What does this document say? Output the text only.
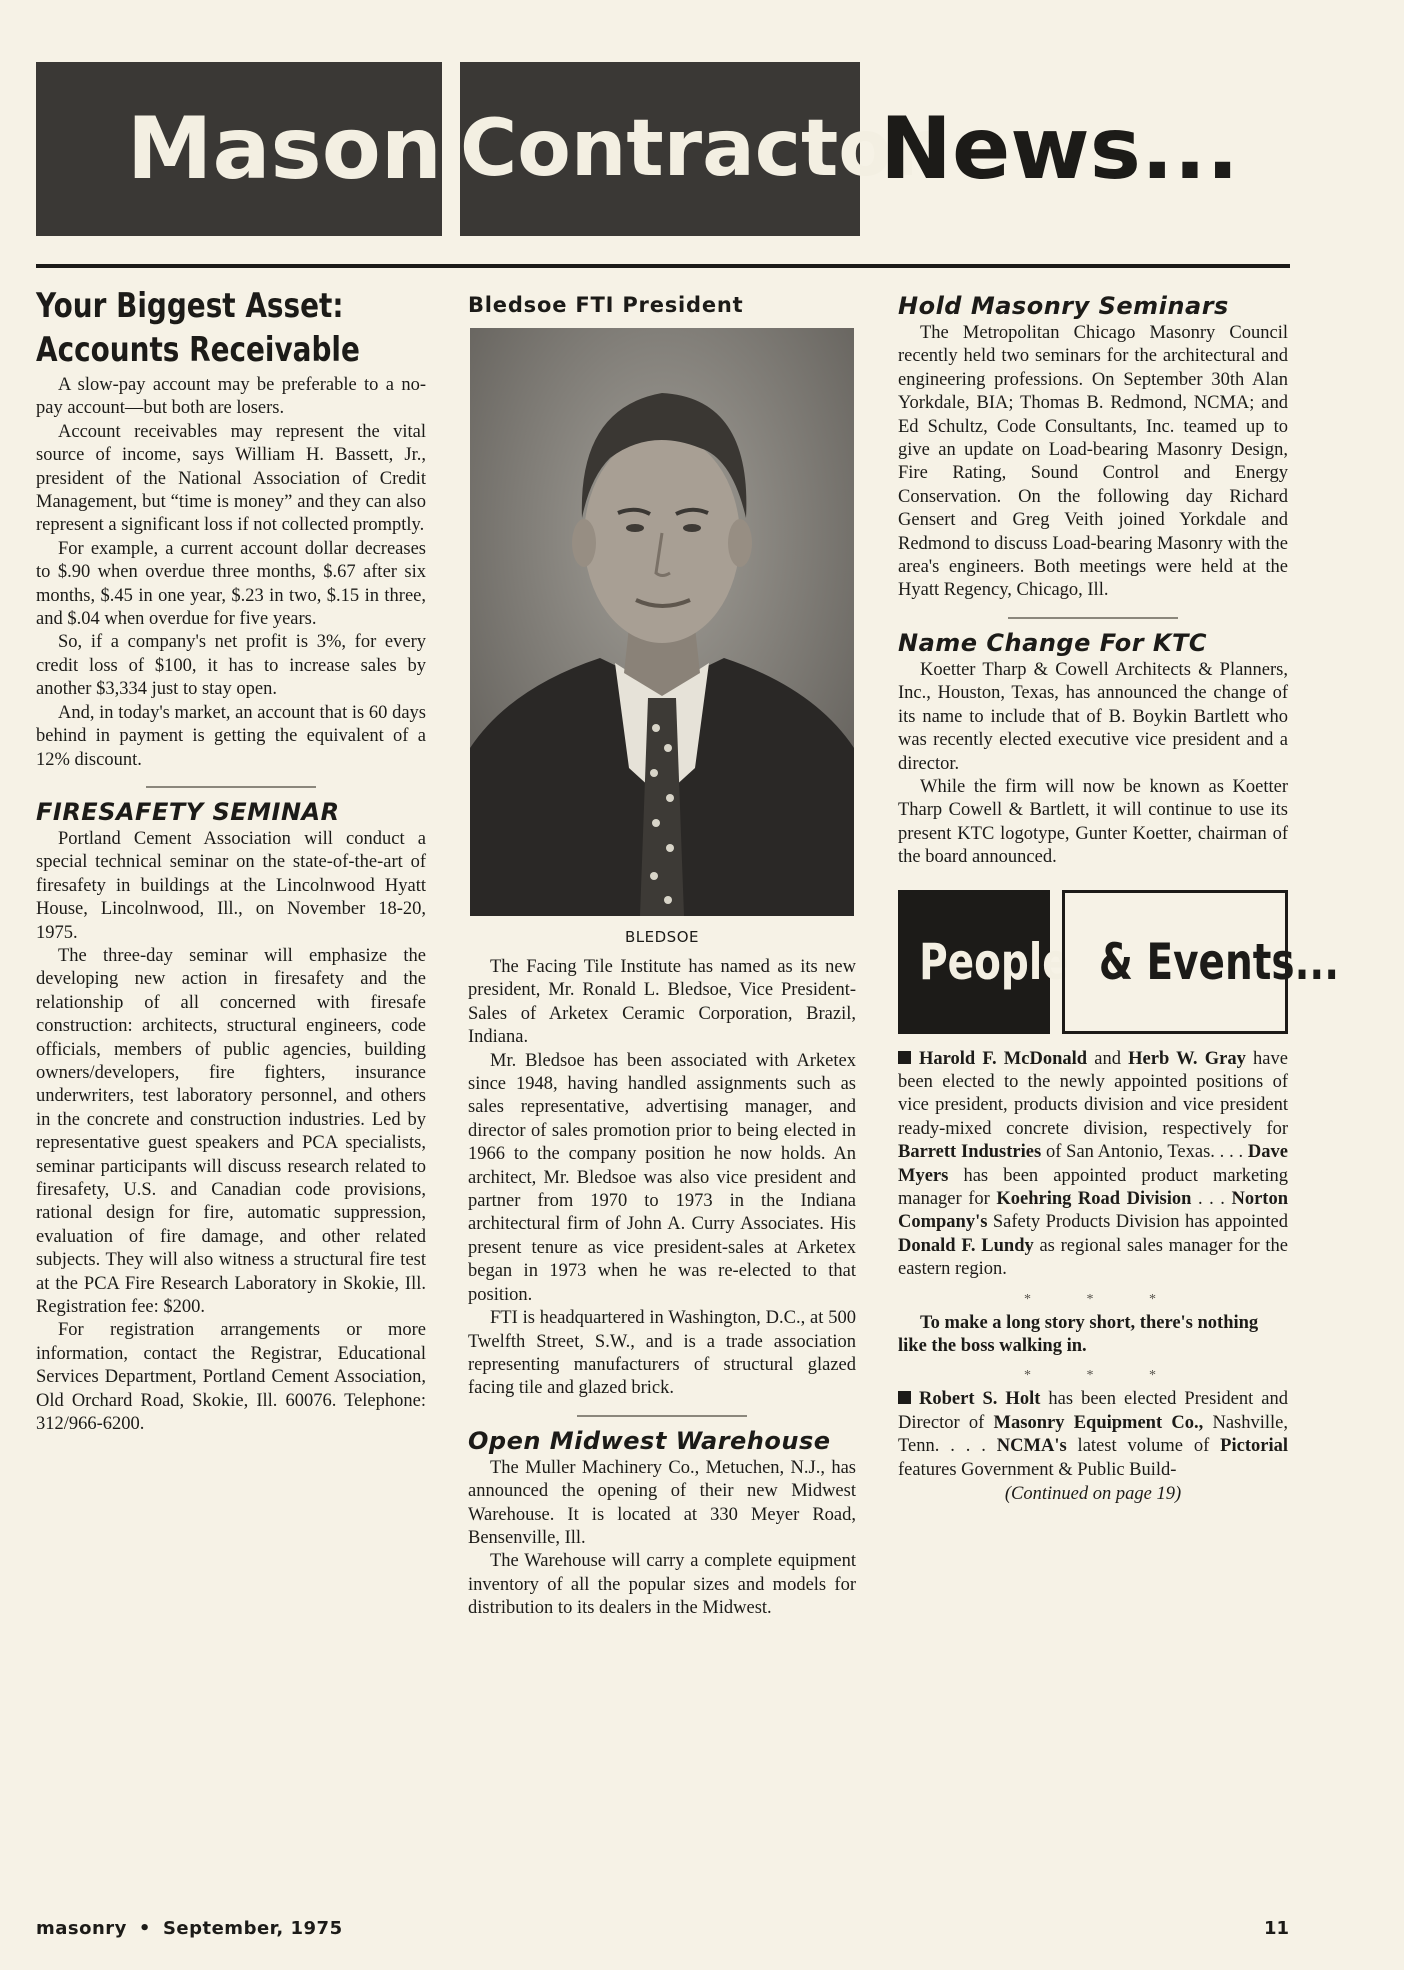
Mason Contractor
News...
Your Biggest Asset:
Accounts Receivable

A slow-pay account may be preferable to a no-pay account—but both are losers.

Account receivables may represent the vital source of income, says William H. Bassett, Jr., president of the National Association of Credit Management, but “time is money” and they can also represent a significant loss if not collected promptly.

For example, a current account dollar decreases to $.90 when overdue three months, $.67 after six months, $.45 in one year, $.23 in two, $.15 in three, and $.04 when overdue for five years.

So, if a company's net profit is 3%, for every credit loss of $100, it has to increase sales by another $3,334 just to stay open.

And, in today's market, an account that is 60 days behind in payment is getting the equivalent of a 12% discount.

FIRESAFETY SEMINAR

Portland Cement Association will conduct a special technical seminar on the state-of-the-art of firesafety in buildings at the Lincolnwood Hyatt House, Lincolnwood, Ill., on November 18-20, 1975.

The three-day seminar will emphasize the developing new action in firesafety and the relationship of all concerned with firesafe construction: architects, structural engineers, code officials, members of public agencies, building owners/developers, fire fighters, insurance underwriters, test laboratory personnel, and others in the concrete and construction industries. Led by representative guest speakers and PCA specialists, seminar participants will discuss research related to firesafety, U.S. and Canadian code provisions, rational design for fire, automatic suppression, evaluation of fire damage, and other related subjects. They will also witness a structural fire test at the PCA Fire Research Laboratory in Skokie, Ill. Registration fee: $200.

For registration arrangements or more information, contact the Registrar, Educational Services Department, Portland Cement Association, Old Orchard Road, Skokie, Ill. 60076. Telephone: 312/966-6200.

Bledsoe FTI President
BLEDSOE

The Facing Tile Institute has named as its new president, Mr. Ronald L. Bledsoe, Vice President-Sales of Arketex Ceramic Corporation, Brazil, Indiana.

Mr. Bledsoe has been associated with Arketex since 1948, having handled assignments such as sales representative, advertising manager, and director of sales promotion prior to being elected in 1966 to the company position he now holds. An architect, Mr. Bledsoe was also vice president and partner from 1970 to 1973 in the Indiana architectural firm of John A. Curry Associates. His present tenure as vice president-sales at Arketex began in 1973 when he was re-elected to that position.

FTI is headquartered in Washington, D.C., at 500 Twelfth Street, S.W., and is a trade association representing manufacturers of structural glazed facing tile and glazed brick.

Open Midwest Warehouse

The Muller Machinery Co., Metuchen, N.J., has announced the opening of their new Midwest Warehouse. It is located at 330 Meyer Road, Bensenville, Ill.

The Warehouse will carry a complete equipment inventory of all the popular sizes and models for distribution to its dealers in the Midwest.

Hold Masonry Seminars

The Metropolitan Chicago Masonry Council recently held two seminars for the architectural and engineering professions. On September 30th Alan Yorkdale, BIA; Thomas B. Redmond, NCMA; and Ed Schultz, Code Consultants, Inc. teamed up to give an update on Load-bearing Masonry Design, Fire Rating, Sound Control and Energy Conservation. On the following day Richard Gensert and Greg Veith joined Yorkdale and Redmond to discuss Load-bearing Masonry with the area's engineers. Both meetings were held at the Hyatt Regency, Chicago, Ill.

Name Change For KTC

Koetter Tharp & Cowell Architects & Planners, Inc., Houston, Texas, has announced the change of its name to include that of B. Boykin Bartlett who was recently elected executive vice president and a director.

While the firm will now be known as Koetter Tharp Cowell & Bartlett, it will continue to use its present KTC logotype, Gunter Koetter, chairman of the board announced.

People & Events...

Harold F. McDonald and Herb W. Gray have been elected to the newly appointed positions of vice president, products division and vice president ready-mixed concrete division, respectively for Barrett Industries of San Antonio, Texas. . . . Dave Myers has been appointed product marketing manager for Koehring Road Division . . . Norton Company's Safety Products Division has appointed Donald F. Lundy as regional sales manager for the eastern region.

* * *

To make a long story short, there's nothing like the boss walking in.

* * *

Robert S. Holt has been elected President and Director of Masonry Equipment Co., Nashville, Tenn. . . . NCMA's latest volume of Pictorial features Government & Public Build-

(Continued on page 19)
masonry • September, 1975	11
